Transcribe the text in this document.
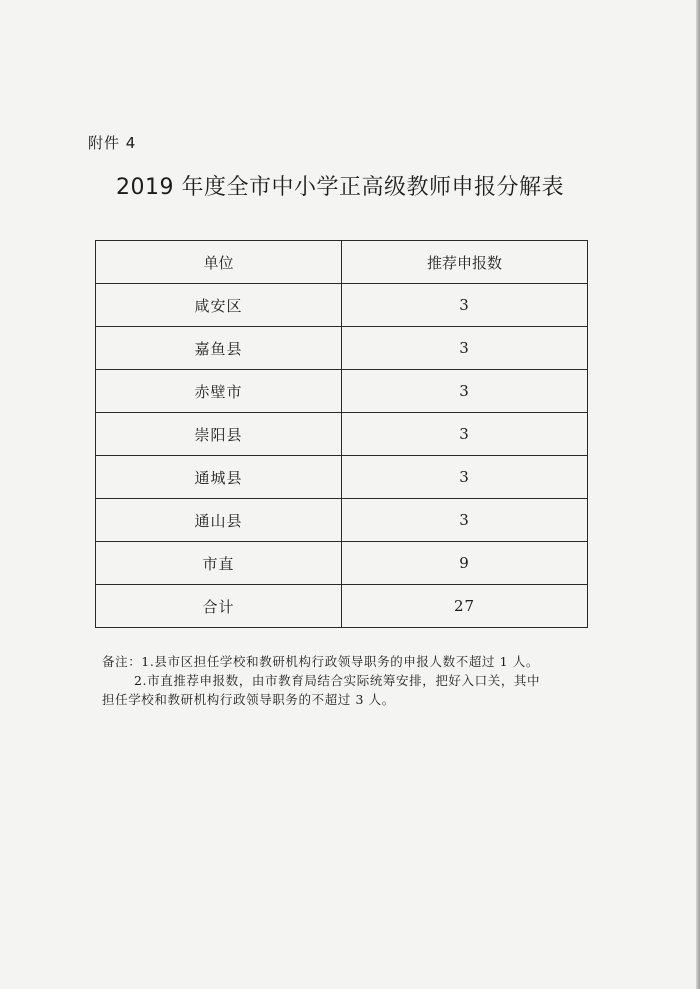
附件 4
2019 年度全市中小学正高级教师申报分解表
单位	推荐申报数
咸安区	3
嘉鱼县	3
赤壁市	3
崇阳县	3
通城县	3
通山县	3
市直	9
合计	27
备注：1.县市区担任学校和教研机构行政领导职务的申报人数不超过 1 人。
2.市直推荐申报数，由市教育局结合实际统筹安排，把好入口关，其中
担任学校和教研机构行政领导职务的不超过 3 人。
